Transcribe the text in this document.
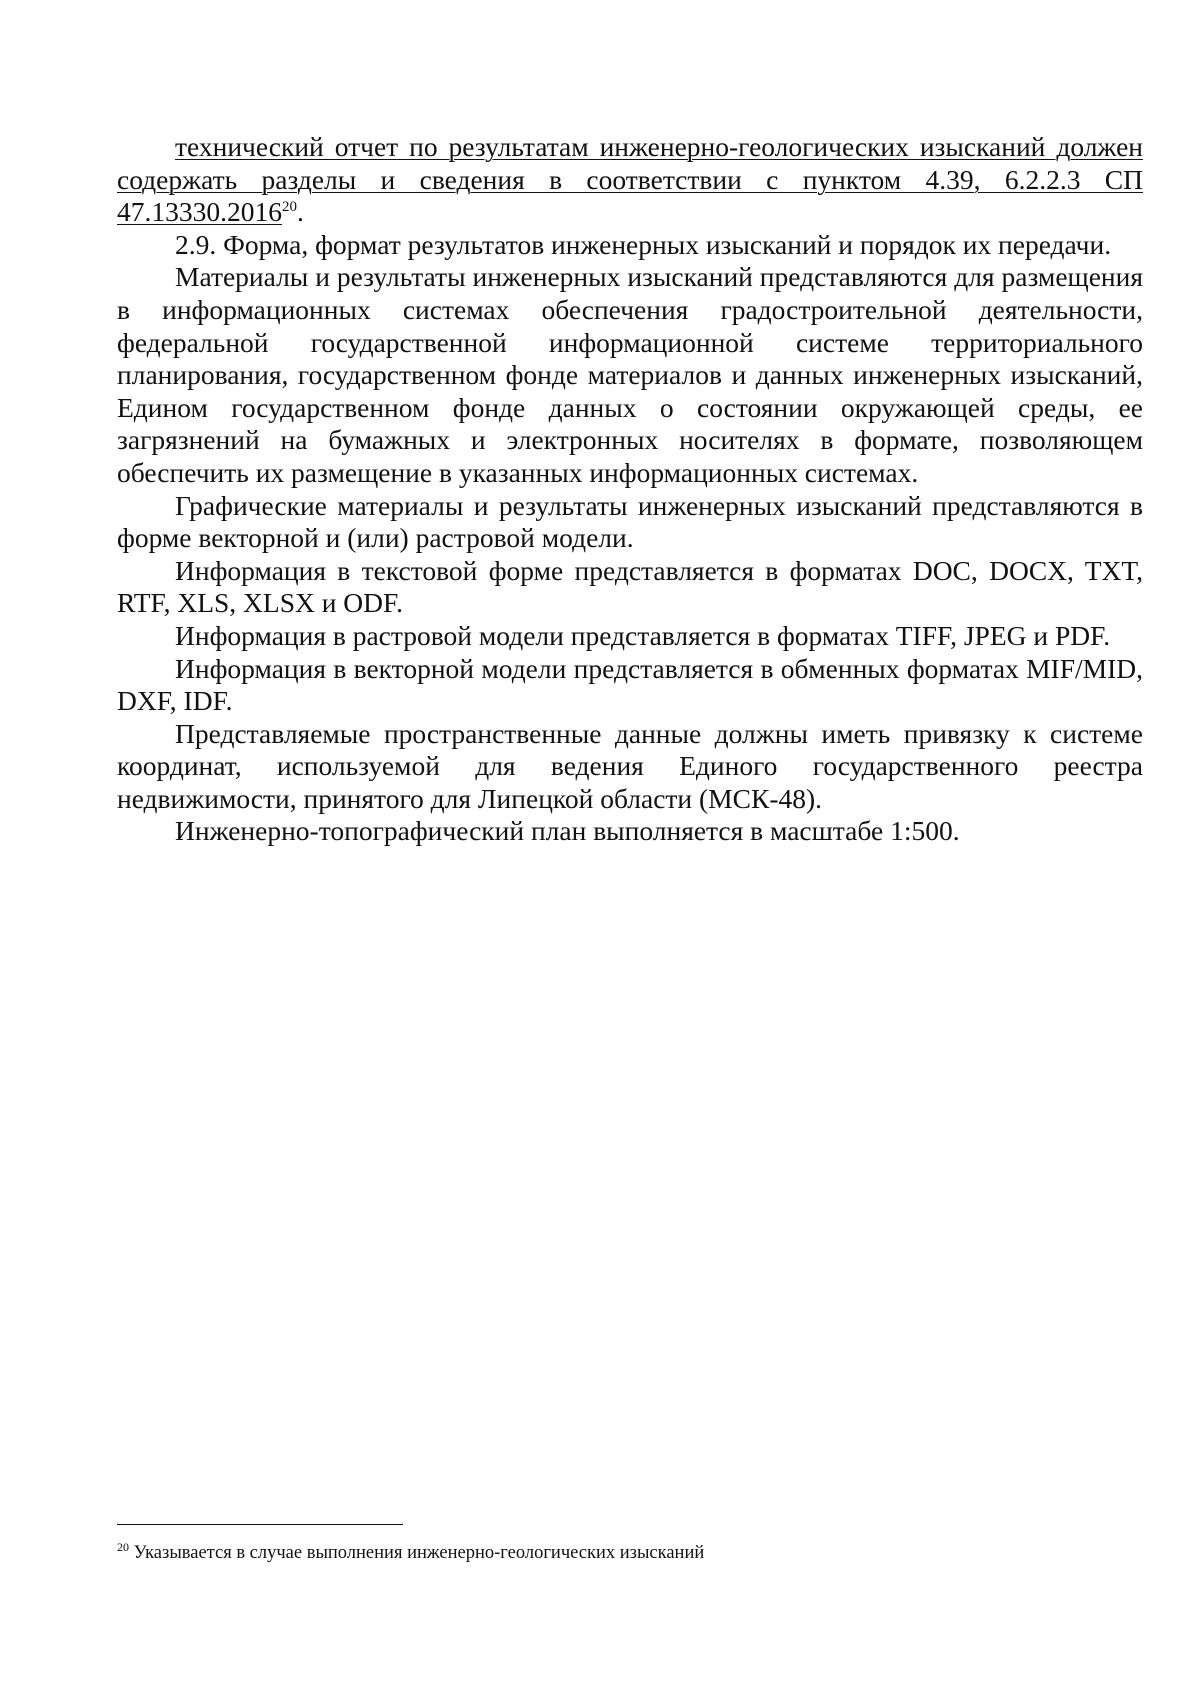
технический отчет по результатам инженерно-геологических изысканий должен содержать разделы и сведения в соответствии с пунктом 4.39, 6.2.2.3 СП 47.13330.2016$^{20}$.

2.9. Форма, формат результатов инженерных изысканий и порядок их передачи.

Материалы и результаты инженерных изысканий представляются для размещения в информационных системах обеспечения градостроительной деятельности, федеральной государственной информационной системе территориального планирования, государственном фонде материалов и данных инженерных изысканий, Едином государственном фонде данных о состоянии окружающей среды, ее загрязнений на бумажных и электронных носителях в формате, позволяющем обеспечить их размещение в указанных информационных системах.

Графические материалы и результаты инженерных изысканий представляются в форме векторной и (или) растровой модели.

Информация в текстовой форме представляется в форматах DOC, DOCX, TXT, RTF, XLS, XLSX и ODF.

Информация в растровой модели представляется в форматах TIFF, JPEG и PDF.

Информация в векторной модели представляется в обменных форматах MIF/MID, DXF, IDF.

Представляемые пространственные данные должны иметь привязку к системе координат, используемой для ведения Единого государственного реестра недвижимости, принятого для Липецкой области (МСК-48).

Инженерно-топографический план выполняется в масштабе 1:500.

$^{20}$ Указывается в случае выполнения инженерно-геологических изысканий
